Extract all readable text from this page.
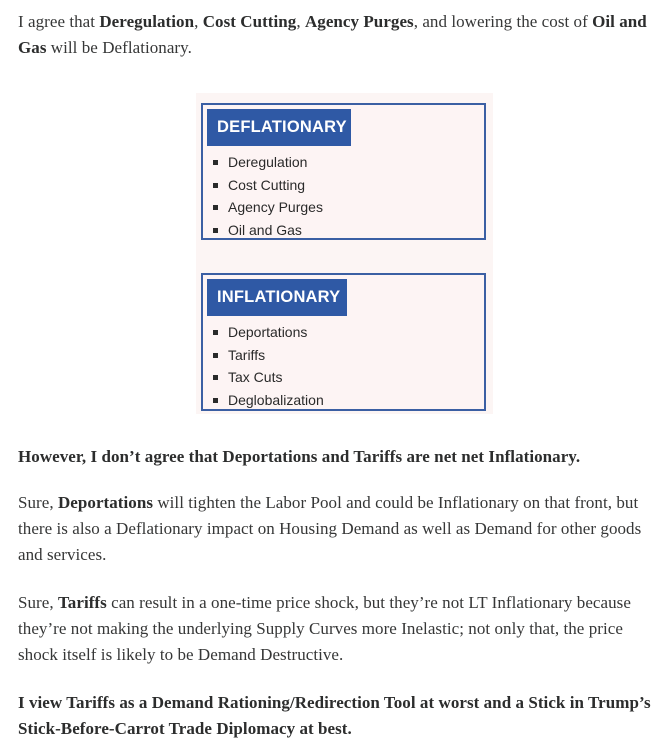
I agree that Deregulation, Cost Cutting, Agency Purges, and lowering the cost of Oil and Gas will be Deflationary.

DEFLATIONARY
Deregulation
Cost Cutting
Agency Purges
Oil and Gas
INFLATIONARY
Deportations
Tariffs
Tax Cuts
Deglobalization

However, I don’t agree that Deportations and Tariffs are net net Inflationary.

Sure, Deportations will tighten the Labor Pool and could be Inflationary on that front, but there is also a Deflationary impact on Housing Demand as well as Demand for other goods and services.

Sure, Tariffs can result in a one-time price shock, but they’re not LT Inflationary because they’re not making the underlying Supply Curves more Inelastic; not only that, the price shock itself is likely to be Demand Destructive.

I view Tariffs as a Demand Rationing/Redirection Tool at worst and a Stick in Trump’s Stick-Before-Carrot Trade Diplomacy at best.
